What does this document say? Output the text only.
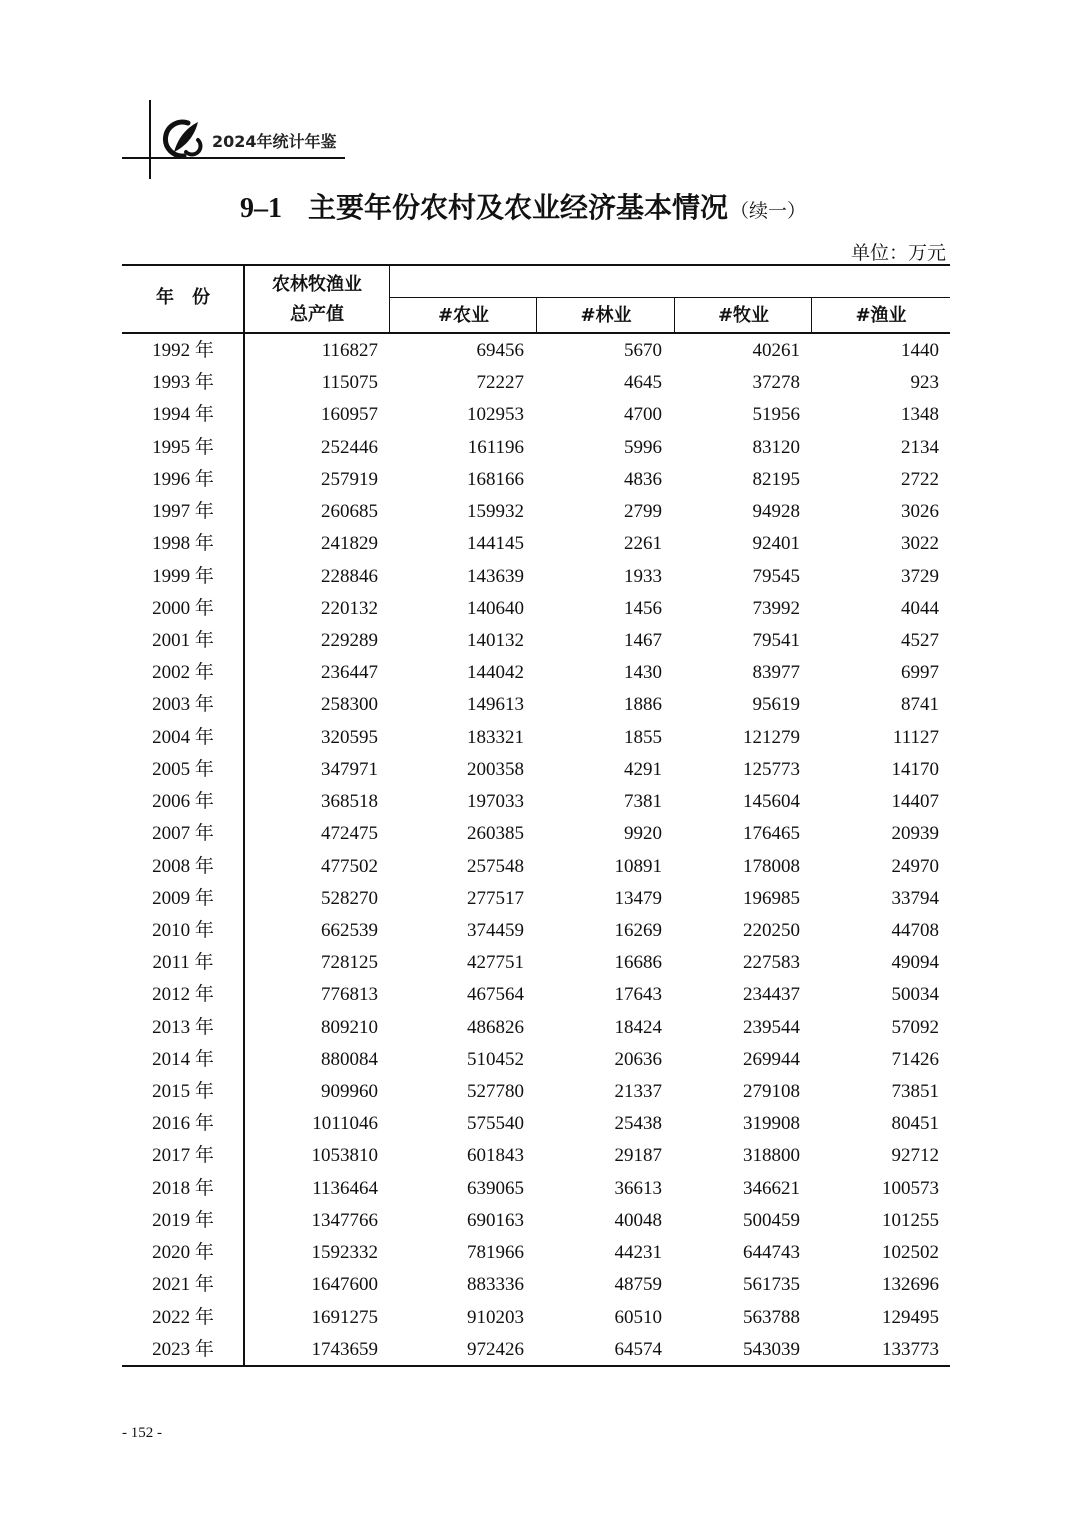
2024年统计年鉴
9–1 主要年份农村及农业经济基本情况 （续一）
单位：万元
年　份
农林牧渔业
总产值	#农业	#林业	#牧业	#渔业
1992 年	116827	69456	5670	40261	1440
1993 年	115075	72227	4645	37278	923
1994 年	160957	102953	4700	51956	1348
1995 年	252446	161196	5996	83120	2134
1996 年	257919	168166	4836	82195	2722
1997 年	260685	159932	2799	94928	3026
1998 年	241829	144145	2261	92401	3022
1999 年	228846	143639	1933	79545	3729
2000 年	220132	140640	1456	73992	4044
2001 年	229289	140132	1467	79541	4527
2002 年	236447	144042	1430	83977	6997
2003 年	258300	149613	1886	95619	8741
2004 年	320595	183321	1855	121279	11127
2005 年	347971	200358	4291	125773	14170
2006 年	368518	197033	7381	145604	14407
2007 年	472475	260385	9920	176465	20939
2008 年	477502	257548	10891	178008	24970
2009 年	528270	277517	13479	196985	33794
2010 年	662539	374459	16269	220250	44708
2011 年	728125	427751	16686	227583	49094
2012 年	776813	467564	17643	234437	50034
2013 年	809210	486826	18424	239544	57092
2014 年	880084	510452	20636	269944	71426
2015 年	909960	527780	21337	279108	73851
2016 年	1011046	575540	25438	319908	80451
2017 年	1053810	601843	29187	318800	92712
2018 年	1136464	639065	36613	346621	100573
2019 年	1347766	690163	40048	500459	101255
2020 年	1592332	781966	44231	644743	102502
2021 年	1647600	883336	48759	561735	132696
2022 年	1691275	910203	60510	563788	129495
2023 年	1743659	972426	64574	543039	133773
- 152 -
